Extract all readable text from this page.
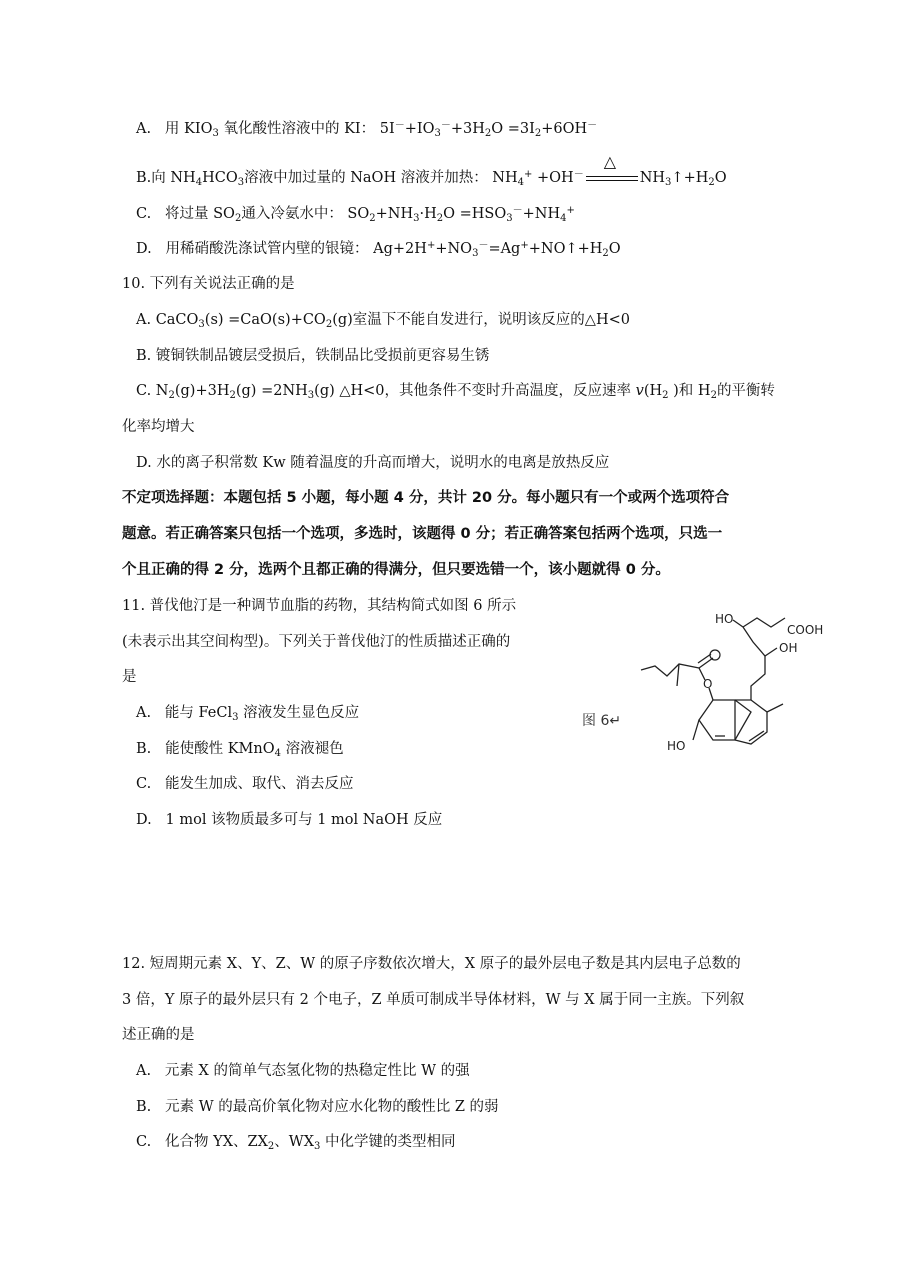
A. 用 $KIO_3$ 氧化酸性溶液中的 KI： $5I^-+IO_3^-+3H_2O =3I_2+6OH^-$
B.向 $NH_4HCO_3$溶液中加过量的 NaOH 溶液并加热： $NH_4^+ +OH^-$
△
$NH_3↑+H_2O$
C. 将过量 $SO_2$通入冷氨水中： $SO_2+NH_3\cdot H_2O =HSO_3^-+NH_4^+$
D. 用稀硝酸洗涤试管内壁的银镜： $Ag+2H^++NO_3^-=Ag^++NO↑+H_2O$
10. 下列有关说法正确的是
A. CaCO$_3$(s) $=CaO(s)+CO_2(g)$室温下不能自发进行，说明该反应的△H<0
B. 镀铜铁制品镀层受损后，铁制品比受损前更容易生锈
C. $N_2(g)+3H_2(g) =2NH_3(g)$ △H<0，其他条件不变时升高温度，反应速率 $v(H_2$ )和 $H_2$的平衡转
化率均增大
D. 水的离子积常数 Kw 随着温度的升高而增大，说明水的电离是放热反应
不定项选择题：本题包括 5 小题，每小题 4 分，共计 20 分。每小题只有一个或两个选项符合
题意。若正确答案只包括一个选项，多选时，该题得 0 分；若正确答案包括两个选项，只选一
个且正确的得 2 分，选两个且都正确的得满分，但只要选错一个，该小题就得 0 分。
11. 普伐他汀是一种调节血脂的药物，其结构简式如图 6 所示
(未表示出其空间构型)。下列关于普伐他汀的性质描述正确的
是
A. 能与 FeCl$_3$ 溶液发生显色反应
B. 能使酸性 KMnO$_4$ 溶液褪色
C. 能发生加成、取代、消去反应
D. 1 mol 该物质最多可与 1 mol NaOH 反应
图 6↵
HO
COOH
OH
O
HO
12. 短周期元素 X、Y、Z、W 的原子序数依次增大，X 原子的最外层电子数是其内层电子总数的
3 倍，Y 原子的最外层只有 2 个电子，Z 单质可制成半导体材料，W 与 X 属于同一主族。下列叙
述正确的是
A. 元素 X 的简单气态氢化物的热稳定性比 W 的强
B. 元素 W 的最高价氧化物对应水化物的酸性比 Z 的弱
C. 化合物 YX、$ZX_2$、$WX_3$ 中化学键的类型相同
